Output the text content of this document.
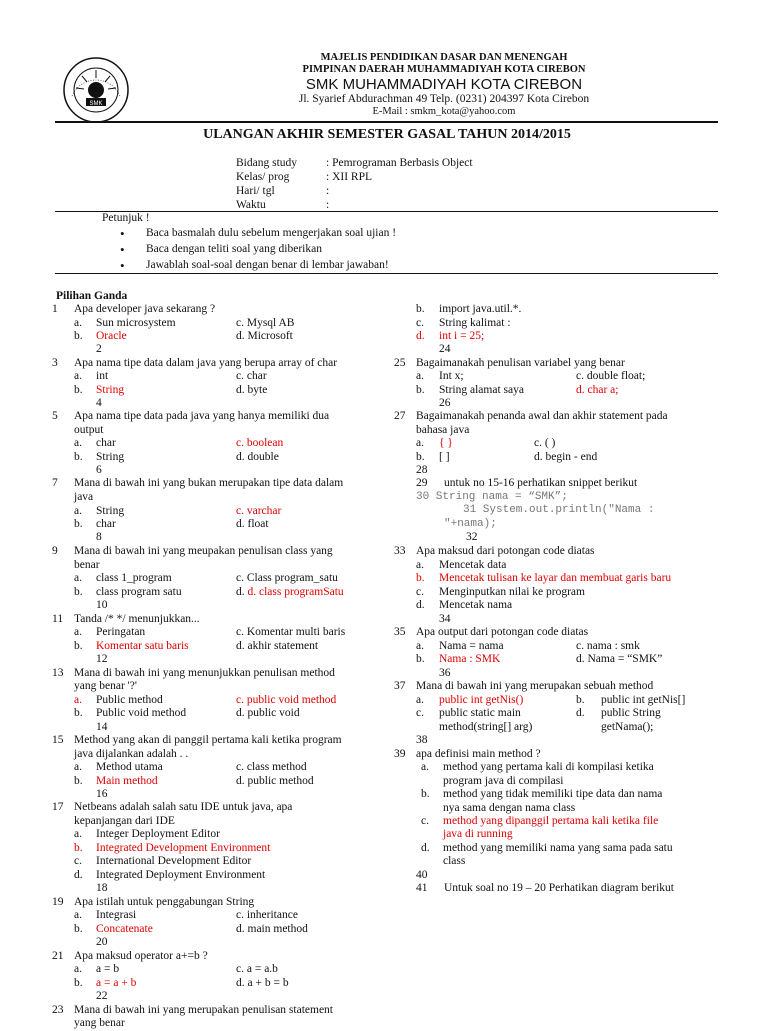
SMK
MAJELIS PENDIDIKAN DASAR DAN MENENGAH
PIMPINAN DAERAH MUHAMMADIYAH KOTA CIREBON
SMK MUHAMMADIYAH KOTA CIREBON
Jl. Syarief Abdurachman 49 Telp. (0231) 204397 Kota Cirebon
E-Mail : smkm_kota@yahoo.com
ULANGAN AKHIR SEMESTER GASAL TAHUN 2014/2015
Bidang study	: Pemrograman Berbasis Object
Kelas/ prog	: XII RPL
Hari/ tgl	:
Waktu	:
Petunjuk !
• Baca basmalah dulu sebelum mengerjakan soal ujian !
• Baca dengan teliti soal yang diberikan
• Jawablah soal-soal dengan benar di lembar jawaban!
Pilihan Ganda
1 Apa developer java sekarang ?
a. Sun microsystem	c. Mysql AB
b. Oracle	d. Microsoft
2
3 Apa nama tipe data dalam java yang berupa array of char
a. int	c. char
b. String	d. byte
4
5 Apa nama tipe data pada java yang hanya memiliki dua
output
a. char	c. boolean
b. String	d. double
6
7 Mana di bawah ini yang bukan merupakan tipe data dalam
java
a. String	c. varchar
b. char	d. float
8
9 Mana di bawah ini yang meupakan penulisan class yang
benar
a. class 1_program	c. Class program_satu
b. class program satu	d. d. class programSatu
10
11 Tanda /* */ menunjukkan...
a. Peringatan	c. Komentar multi baris
b. Komentar satu baris	d. akhir statement
12
13 Mana di bawah ini yang menunjukkan penulisan method
yang benar '?'
a. Public method	c. public void method
b. Public void method	d. public void
14
15 Method yang akan di panggil pertama kali ketika program
java dijalankan adalah . .
a. Method utama	c. class method
b. Main method	d. public method
16
17 Netbeans adalah salah satu IDE untuk java, apa
kepanjangan dari IDE
a. Integer Deployment Editor
b. Integrated Development Environment
c. International Development Editor
d. Integrated Deployment Environment
18
19 Apa istilah untuk penggabungan String
a. Integrasi	c. inheritance
b. Concatenate	d. main method
20
21 Apa maksud operator a+=b ?
a. a = b	c. a = a.b
b. a = a + b	d. a + b = b
22
23 Mana di bawah ini yang merupakan penulisan statement
yang benar
b. import java.util.*.
c. String kalimat :
d. int i = 25;
24
25 Bagaimanakah penulisan variabel yang benar
a. Int x;	c. double float;
b. String alamat saya	d. char a;
26
27 Bagaimanakah penanda awal dan akhir statement pada
bahasa java
a. { }	c. ( )
b. [ ]	d. begin - end
28
29 untuk no 15-16 perhatikan snippet berikut
30 String nama = “SMK”;
31 System.out.println("Nama :
"+nama);
32
33 Apa maksud dari potongan code diatas
a. Mencetak data
b. Mencetak tulisan ke layar dan membuat garis baru
c. Menginputkan nilai ke program
d. Mencetak nama
34
35 Apa output dari potongan code diatas
a. Nama = nama	c. nama : smk
b. Nama : SMK	d. Nama = “SMK”
36
37 Mana di bawah ini yang merupakan sebuah method
a. public int getNis()	b. public int getNis[]
c. public static main
method(string[] arg)
d. public String
getNama();
38
39 apa definisi main method ?
a. method yang pertama kali di kompilasi ketika
program java di compilasi
b. method yang tidak memiliki tipe data dan nama
nya sama dengan nama class
c. method yang dipanggil pertama kali ketika file
java di running
d. method yang memiliki nama yang sama pada satu
class
40
41 Untuk soal no 19 – 20 Perhatikan diagram berikut
